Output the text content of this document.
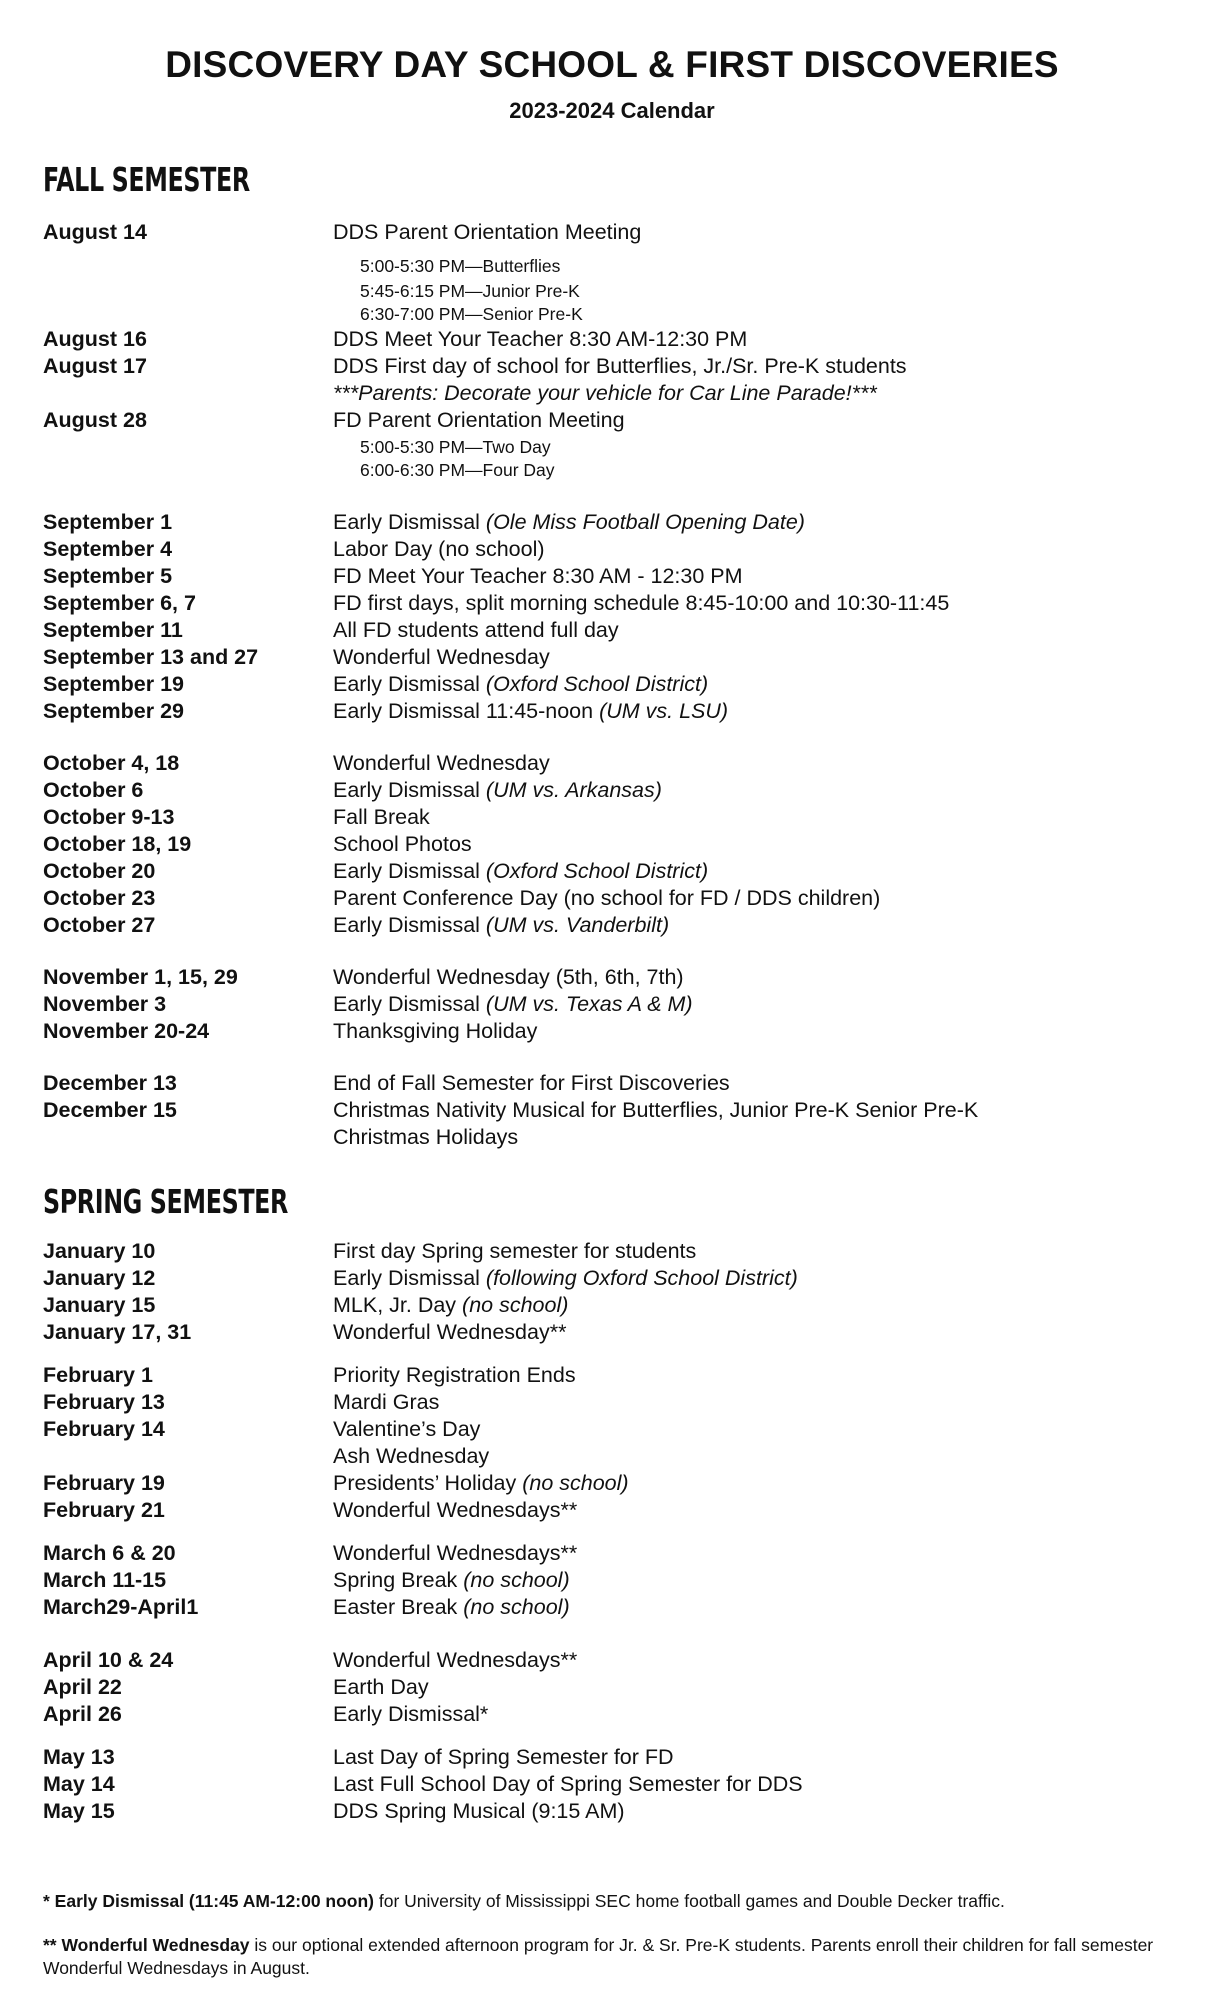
DISCOVERY DAY SCHOOL & FIRST DISCOVERIES
2023-2024 Calendar
FALL SEMESTER
August 14	DDS Parent Orientation Meeting
5:00-5:30 PM—Butterflies
5:45-6:15 PM—Junior Pre-K
6:30-7:00 PM—Senior Pre-K
August 16	DDS Meet Your Teacher 8:30 AM-12:30 PM
August 17	DDS First day of school for Butterflies, Jr./Sr. Pre-K students
***Parents: Decorate your vehicle for Car Line Parade!***
August 28	FD Parent Orientation Meeting
5:00-5:30 PM—Two Day
6:00-6:30 PM—Four Day
September 1	Early Dismissal (Ole Miss Football Opening Date)
September 4	Labor Day (no school)
September 5	FD Meet Your Teacher 8:30 AM - 12:30 PM
September 6, 7	FD first days, split morning schedule 8:45-10:00 and 10:30-11:45
September 11	All FD students attend full day
September 13 and 27	Wonderful Wednesday
September 19	Early Dismissal (Oxford School District)
September 29	Early Dismissal 11:45-noon (UM vs. LSU)
October 4, 18	Wonderful Wednesday
October 6	Early Dismissal (UM vs. Arkansas)
October 9-13	Fall Break
October 18, 19	School Photos
October 20	Early Dismissal (Oxford School District)
October 23	Parent Conference Day (no school for FD / DDS children)
October 27	Early Dismissal (UM vs. Vanderbilt)
November 1, 15, 29	Wonderful Wednesday (5th, 6th, 7th)
November 3	Early Dismissal (UM vs. Texas A & M)
November 20-24	Thanksgiving Holiday
December 13	End of Fall Semester for First Discoveries
December 15	Christmas Nativity Musical for Butterflies, Junior Pre-K Senior Pre-K
Christmas Holidays
SPRING SEMESTER
January 10	First day Spring semester for students
January 12	Early Dismissal (following Oxford School District)
January 15	MLK, Jr. Day (no school)
January 17, 31	Wonderful Wednesday**
February 1	Priority Registration Ends
February 13	Mardi Gras
February 14	Valentine’s Day
Ash Wednesday
February 19	Presidents’ Holiday (no school)
February 21	Wonderful Wednesdays**
March 6 & 20	Wonderful Wednesdays**
March 11-15	Spring Break (no school)
March29-April1	Easter Break (no school)
April 10 & 24	Wonderful Wednesdays**
April 22	Earth Day
April 26	Early Dismissal*
May 13	Last Day of Spring Semester for FD
May 14	Last Full School Day of Spring Semester for DDS
May 15	DDS Spring Musical (9:15 AM)
* Early Dismissal (11:45 AM-12:00 noon) for University of Mississippi SEC home football games and Double Decker traffic.
** Wonderful Wednesday is our optional extended afternoon program for Jr. & Sr. Pre-K students. Parents enroll their children for fall semester Wonderful Wednesdays in August.
